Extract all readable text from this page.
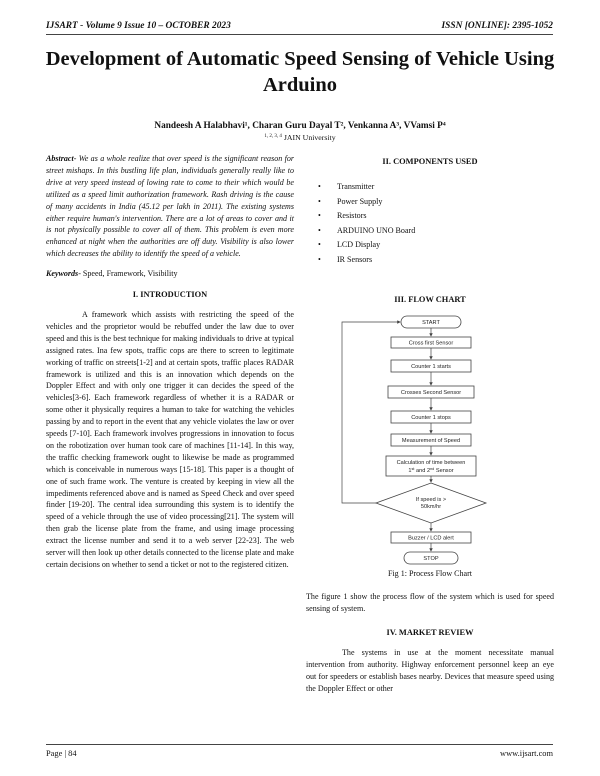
IJSART - Volume 9 Issue 10 – OCTOBER 2023	ISSN [ONLINE]: 2395-1052
Development of Automatic Speed Sensing of Vehicle Using Arduino
Nandeesh A Halabhavi¹, Charan Guru Dayal T², Venkanna A³, VVamsi P⁴
$^{1, 2, 3, 4}$ JAIN University

Abstract- We as a whole realize that over speed is the significant reason for street mishaps. In this bustling life plan, individuals generally really like to drive at very speed instead of lowing rate to come to their which would be utilized as a speed limit authorization framework. Rash driving is the cause of many accidents in India (45.12 per lakh in 2011). The existing systems either require human's intervention. There are a lot of areas to cover and it is not physically possible to cover all of them. This problem is even more enhanced at night when the authorities are off duty. Visibility is also lower which decreases the ability to identify the speed of a vehicle.

Keywords- Speed, Framework, Visibility

I. INTRODUCTION

A framework which assists with restricting the speed of the vehicles and the proprietor would be rebuffed under the law due to over speed and this is the best technique for making individuals to drive at typical assigned rates. Ina few spots, traffic cops are there to screen to legitimate working of traffic on streets[1-2] and at certain spots, traffic places RADAR framework is utilized and this is an innovation which depends on the Doppler Effect and with only one trigger it can decides the speed of the vehicles[3-6]. Each framework regardless of whether it is a RADAR or some other it physically requires a human to take for watching the vehicles passing by and to report in the event that any vehicle violates the law or over speeds [7-10]. Each framework involves progressions in innovation to focus on the robotization over human took care of machines [11-14]. In this way, the traffic checking framework ought to likewise be made as programmed which is conceivable in numerous ways [15-18]. This paper is a thought of one of such frame work. The venture is created by keeping in view all the impediments referenced above and is named as Speed Check and over speed finder [19-20]. The central idea surrounding this system is to identify the speed of a vehicle through the use of video processing[21]. The system will then grab the license plate from the frame, and using image processing extract the license number and send it to a web server [22-23]. The web server will then look up other details connected to the license plate and make certain decisions on whether to send a ticket or not to the registered citizen.

II. COMPONENTS USED
• Transmitter
• Power Supply
• Resistors
• ARDUINO UNO Board
• LCD Display
• IR Sensors
III. FLOW CHART
START
Cross first Sensor
Counter 1 starts
Crosses Second Sensor
Counter 1 stops
Measurement of Speed
Calculation of time between
1st and 2nd Sensor
If speed is >
50km/hr
Buzzer / LCD alert
STOP
Fig 1: Process Flow Chart

The figure 1 show the process flow of the system which is used for speed sensing of system.

IV. MARKET REVIEW

The systems in use at the moment necessitate manual intervention from authority. Highway enforcement personnel keep an eye out for speeders or establish bases nearby. Devices that measure speed using the Doppler Effect or other

Page | 84	www.ijsart.com
